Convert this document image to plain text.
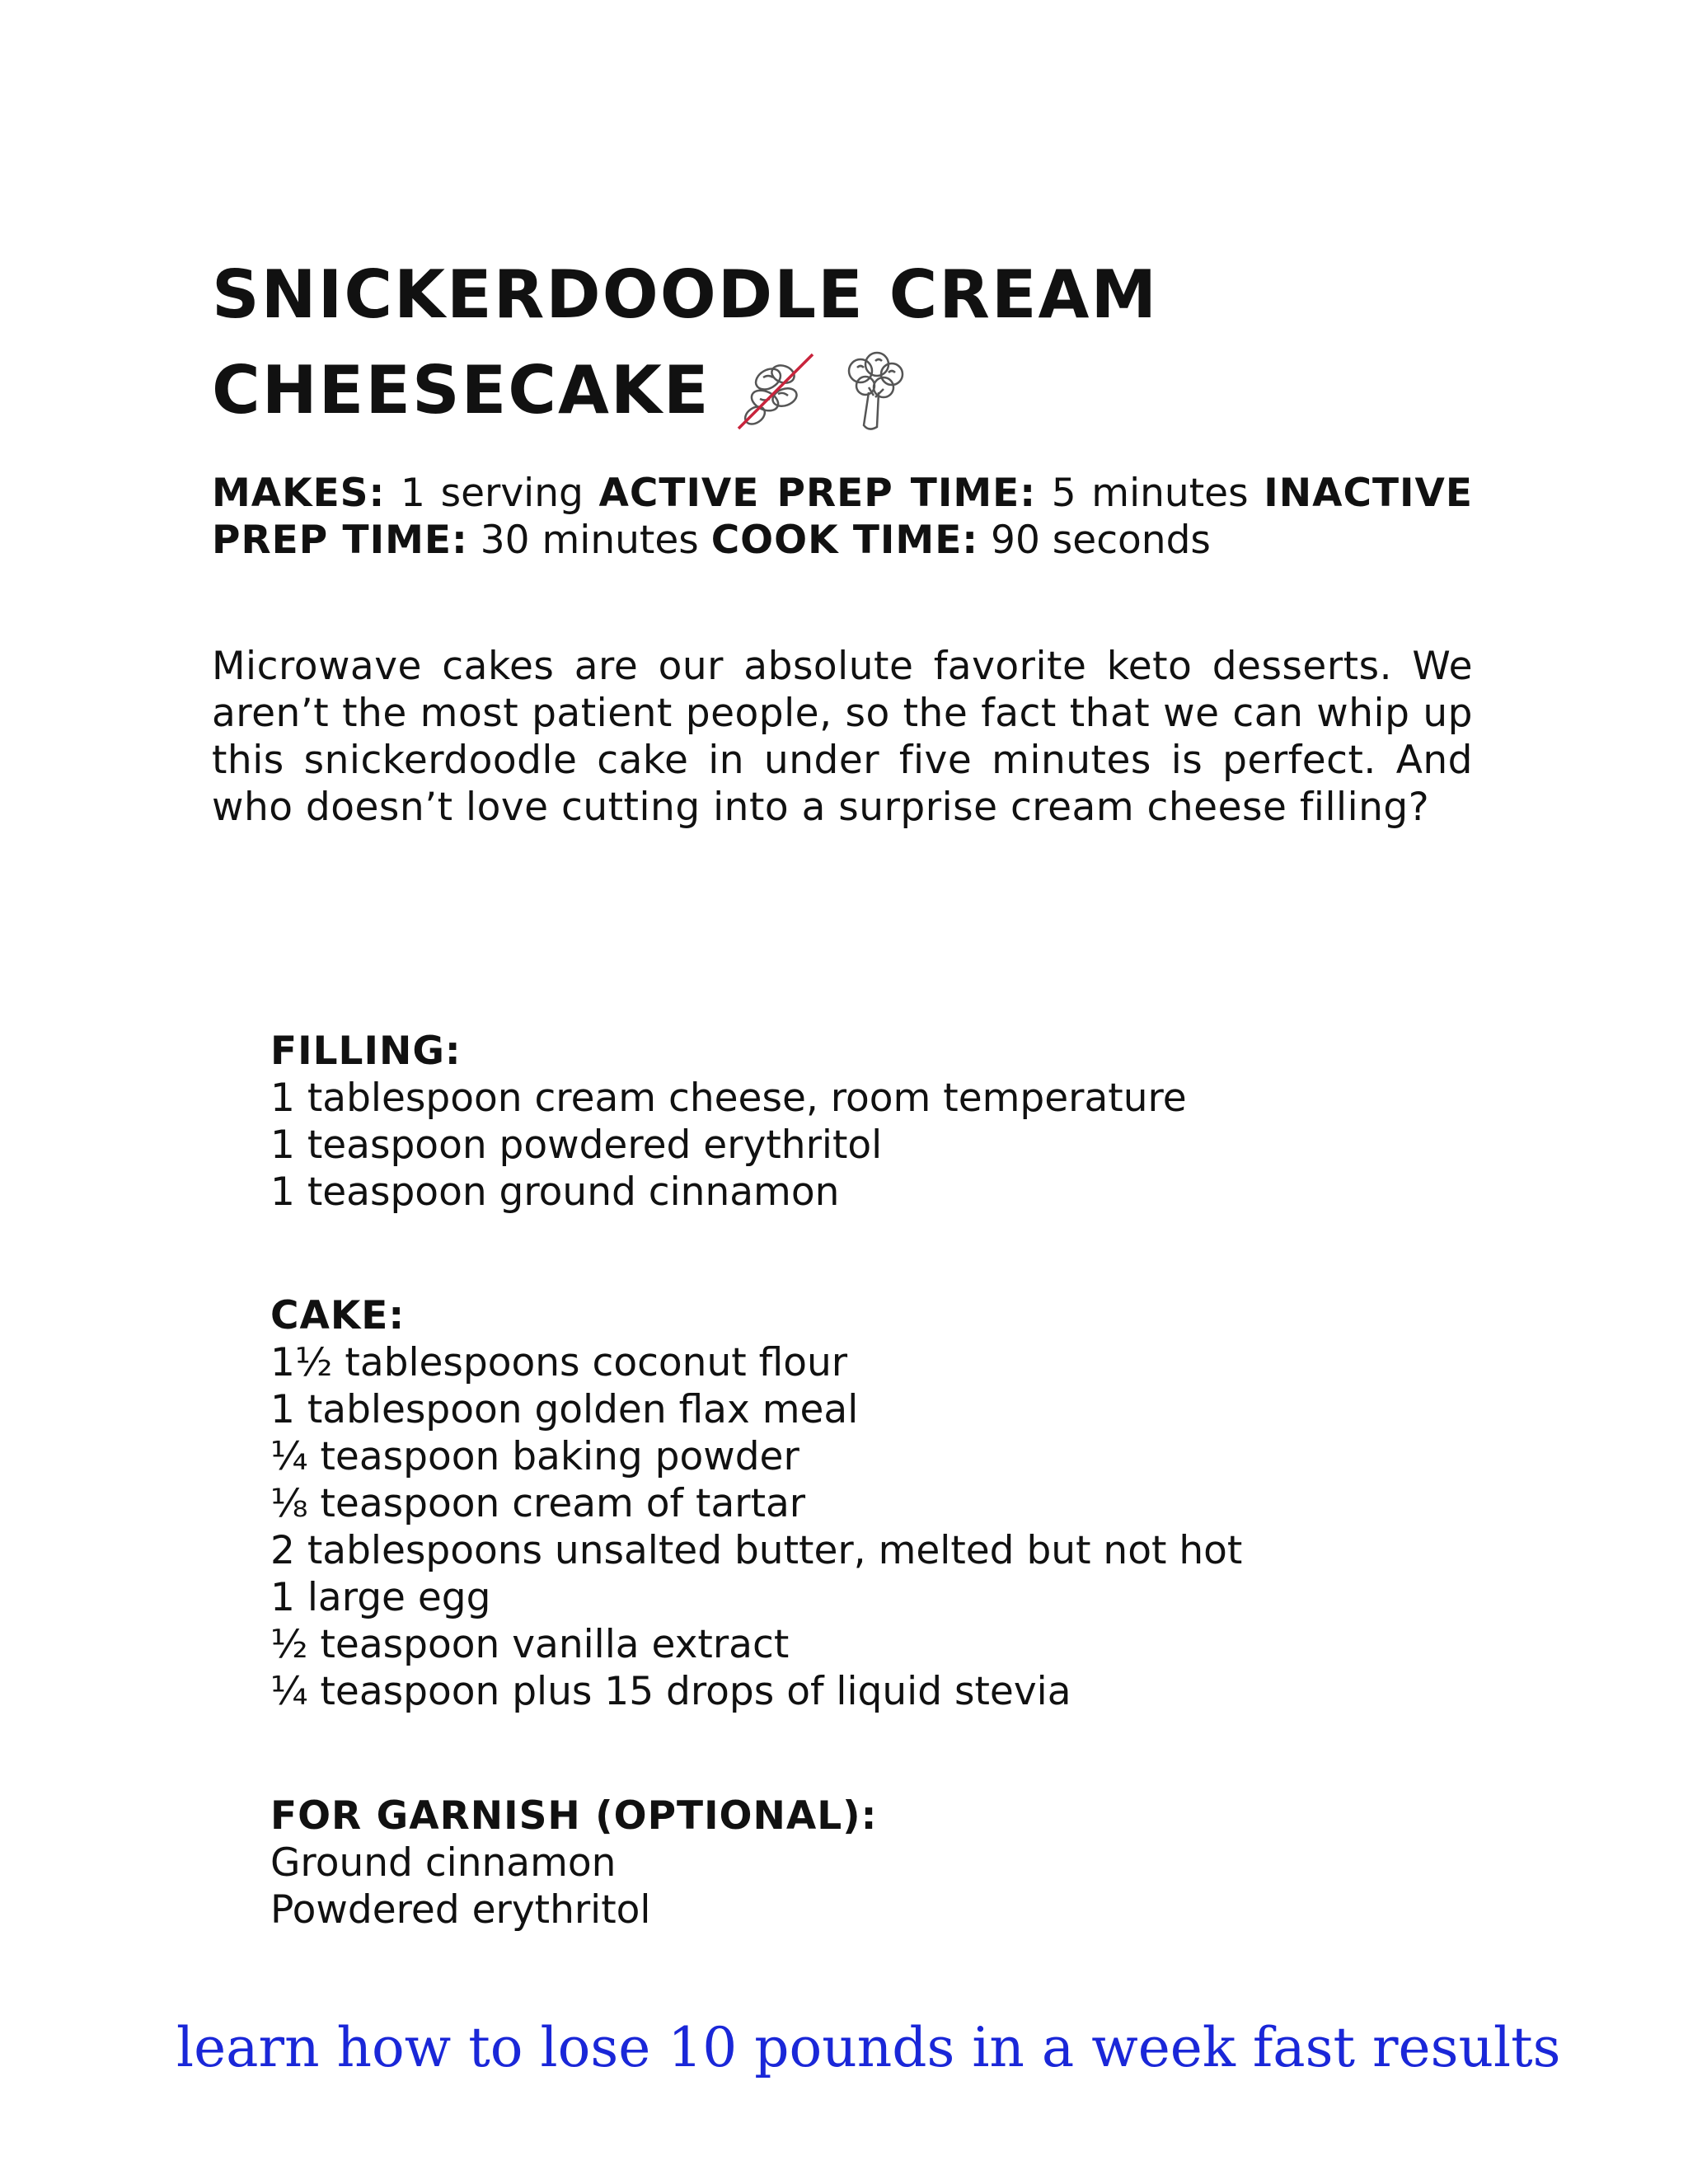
SNICKERDOODLE CREAM
CHEESECAKE

MAKES: 1 serving ACTIVE PREP TIME: 5 minutes INACTIVE PREP TIME: 30 minutes COOK TIME: 90 seconds

Microwave cakes are our absolute favorite keto desserts. We aren’t the most patient people, so the fact that we can whip up this snickerdoodle cake in under five minutes is perfect. And who doesn’t love cutting into a surprise cream cheese filling?

FILLING:
1 tablespoon cream cheese, room temperature
1 teaspoon powdered erythritol
1 teaspoon ground cinnamon
CAKE:
1½ tablespoons coconut flour
1 tablespoon golden flax meal
¼ teaspoon baking powder
⅛ teaspoon cream of tartar
2 tablespoons unsalted butter, melted but not hot
1 large egg
½ teaspoon vanilla extract
¼ teaspoon plus 15 drops of liquid stevia
FOR GARNISH (OPTIONAL):
Ground cinnamon
Powdered erythritol
learn how to lose 10 pounds in a week fast results
